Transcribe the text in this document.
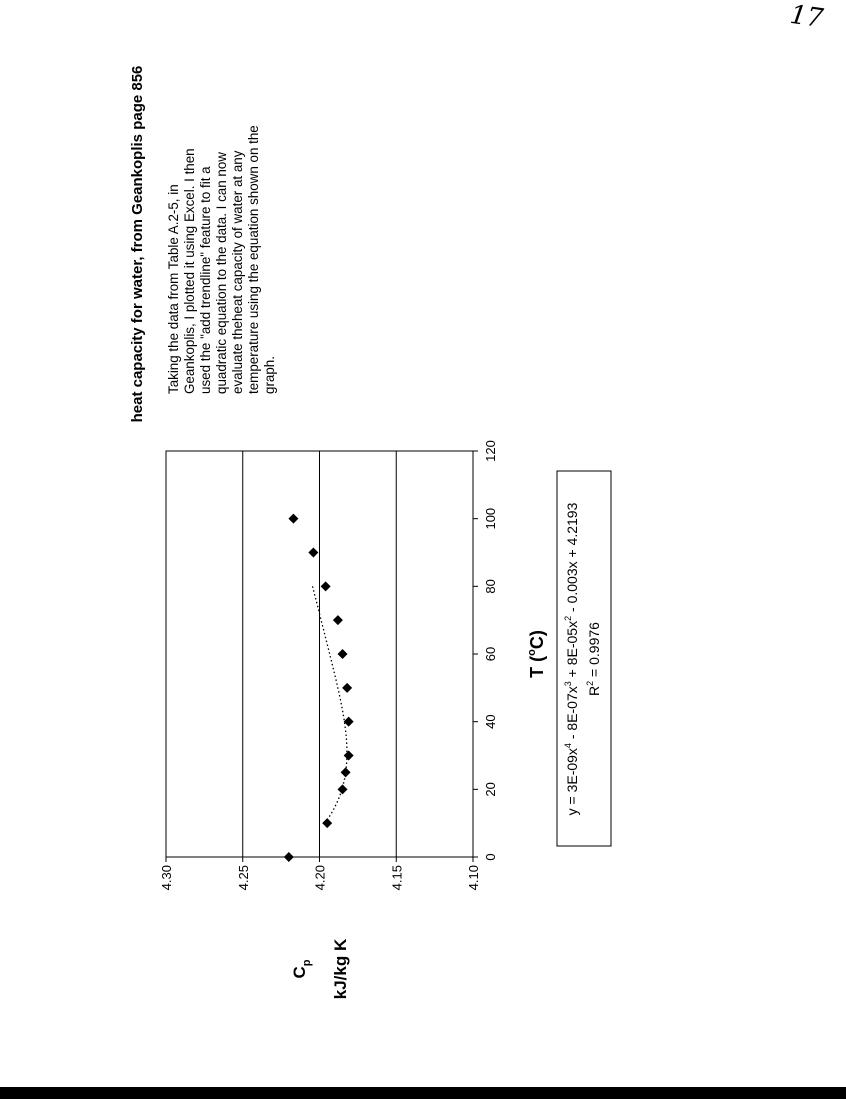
17
heat capacity for water, from Geankoplis page 856
0
20
40
60
80
100
120
4.10
4.15
4.20
4.25
4.30
T ($^o$C)
$C_p$ kJ/kg K
$y = 3E-09x^4 - 8E-07x^3 + 8E-05x^2 - 0.003x + 4.2193$
$R^2 = 0.9976$

Taking the data from Table A.2-5, in Geankoplis, I plotted it using Excel. I then used the "add trendline" feature to fit a quadratic equation to the data. I can now evaluate theheat capacity of water at any temperature using the equation shown on the graph.
